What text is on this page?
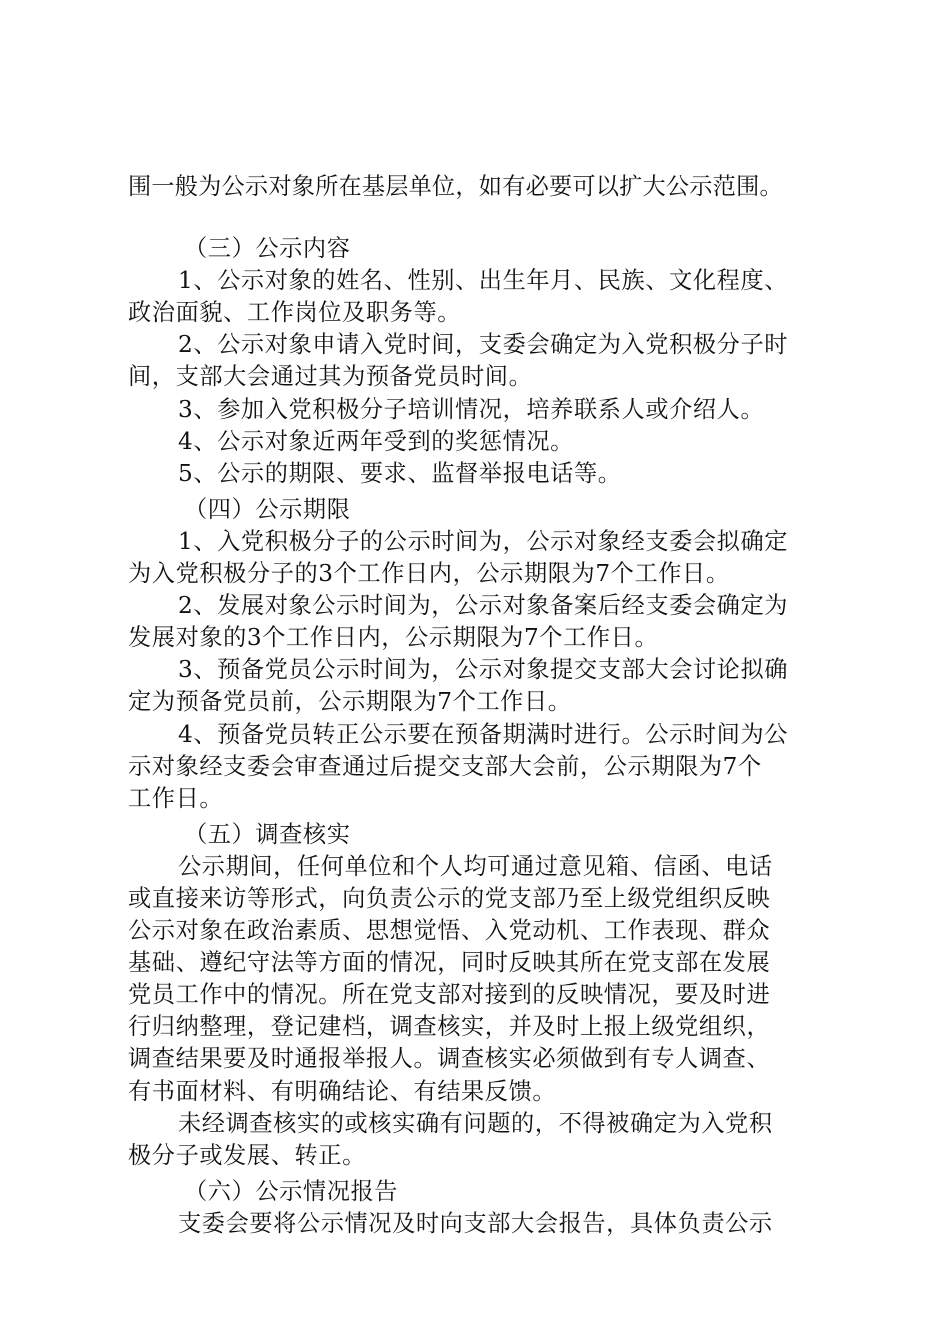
围一般为公示对象所在基层单位，如有必要可以扩大公示范围。
（三）公示内容
1、公示对象的姓名、性别、出生年月、民族、文化程度、
政治面貌、工作岗位及职务等。
2、公示对象申请入党时间，支委会确定为入党积极分子时
间，支部大会通过其为预备党员时间。
3、参加入党积极分子培训情况，培养联系人或介绍人。
4、公示对象近两年受到的奖惩情况。
5、公示的期限、要求、监督举报电话等。
（四）公示期限
1、入党积极分子的公示时间为，公示对象经支委会拟确定
为入党积极分子的3个工作日内，公示期限为7个工作日。
2、发展对象公示时间为，公示对象备案后经支委会确定为
发展对象的3个工作日内，公示期限为7个工作日。
3、预备党员公示时间为，公示对象提交支部大会讨论拟确
定为预备党员前，公示期限为7个工作日。
4、预备党员转正公示要在预备期满时进行。公示时间为公
示对象经支委会审查通过后提交支部大会前，公示期限为7个
工作日。
（五）调查核实
公示期间，任何单位和个人均可通过意见箱、信函、电话
或直接来访等形式，向负责公示的党支部乃至上级党组织反映
公示对象在政治素质、思想觉悟、入党动机、工作表现、群众
基础、遵纪守法等方面的情况，同时反映其所在党支部在发展
党员工作中的情况。所在党支部对接到的反映情况，要及时进
行归纳整理，登记建档，调查核实，并及时上报上级党组织，
调查结果要及时通报举报人。调查核实必须做到有专人调查、
有书面材料、有明确结论、有结果反馈。
未经调查核实的或核实确有问题的，不得被确定为入党积
极分子或发展、转正。
（六）公示情况报告
支委会要将公示情况及时向支部大会报告，具体负责公示
